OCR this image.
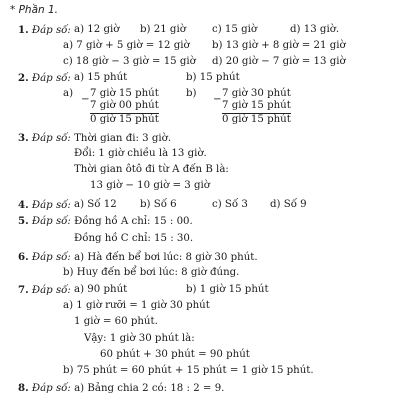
* Phần 1.
1. Đáp số: a) 12 giờ b) 21 giờ	c) 15 giờ	d) 13 giờ.
a) 7 giờ + 5 giờ = 12 giờ b) 13 giờ + 8 giờ = 21 giờ
c) 18 giờ − 3 giờ = 15 giờ d) 20 giờ − 7 giờ = 13 giờ
2. Đáp số: a) 15 phút	b) 15 phút
a)
−
7 giờ 15 phút
7 giờ 00 phút
0 giờ 15 phút
b)
−
7 giờ 30 phút
7 giờ 15 phút
0 giờ 15 phút
3. Đáp số: Thời gian đi: 3 giờ.
Đổi: 1 giờ chiều là 13 giờ.
Thời gian ôtô đi từ A đến B là:
13 giờ − 10 giờ = 3 giờ
4. Đáp số: a) Số 12 b) Số 6	c) Số 3 d) Số 9
5. Đáp số: Đồng hồ A chỉ: 15 : 00.
Đồng hồ C chỉ: 15 : 30.
6. Đáp số: a) Hà đến bể bơi lúc: 8 giờ 30 phút.
b) Huy đến bể bơi lúc: 8 giờ đúng.
7. Đáp số: a) 90 phút	b) 1 giờ 15 phút
a) 1 giờ rưỡi = 1 giờ 30 phút
1 giờ = 60 phút.
Vậy: 1 giờ 30 phút là:
60 phút + 30 phút = 90 phút
b) 75 phút = 60 phút + 15 phút = 1 giờ 15 phút.
8. Đáp số: a) Bảng chia 2 có: 18 : 2 = 9.
